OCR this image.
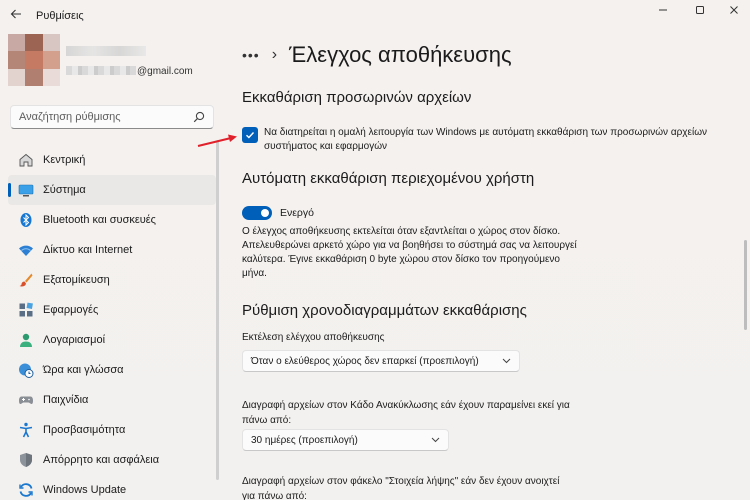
Ρυθμίσεις
@gmail.com
Αναζήτηση ρύθμισης
Κεντρική
Σύστημα
Bluetooth και συσκευές
Δίκτυο και Internet
Εξατομίκευση
Εφαρμογές
Λογαριασμοί
Ώρα και γλώσσα
Παιχνίδια
Προσβασιμότητα
Απόρρητο και ασφάλεια
Windows Update
••• › Έλεγχος αποθήκευσης
Εκκαθάριση προσωρινών αρχείων
Να διατηρείται η ομαλή λειτουργία των Windows με αυτόματη εκκαθάριση των προσωρινών αρχείων συστήματος και εφαρμογών
Αυτόματη εκκαθάριση περιεχομένου χρήστη
Ενεργό

Ο έλεγχος αποθήκευσης εκτελείται όταν εξαντλείται ο χώρος στον δίσκο. Απελευθερώνει αρκετό χώρο για να βοηθήσει το σύστημά σας να λειτουργεί καλύτερα. Έγινε εκκαθάριση 0 byte χώρου στον δίσκο τον προηγούμενο μήνα.

Ρύθμιση χρονοδιαγραμμάτων εκκαθάρισης
Εκτέλεση ελέγχου αποθήκευσης
Όταν ο ελεύθερος χώρος δεν επαρκεί (προεπιλογή)
Διαγραφή αρχείων στον Κάδο Ανακύκλωσης εάν έχουν παραμείνει εκεί για πάνω από:
30 ημέρες (προεπιλογή)
Διαγραφή αρχείων στον φάκελο "Στοιχεία λήψης" εάν δεν έχουν ανοιχτεί για πάνω από:
